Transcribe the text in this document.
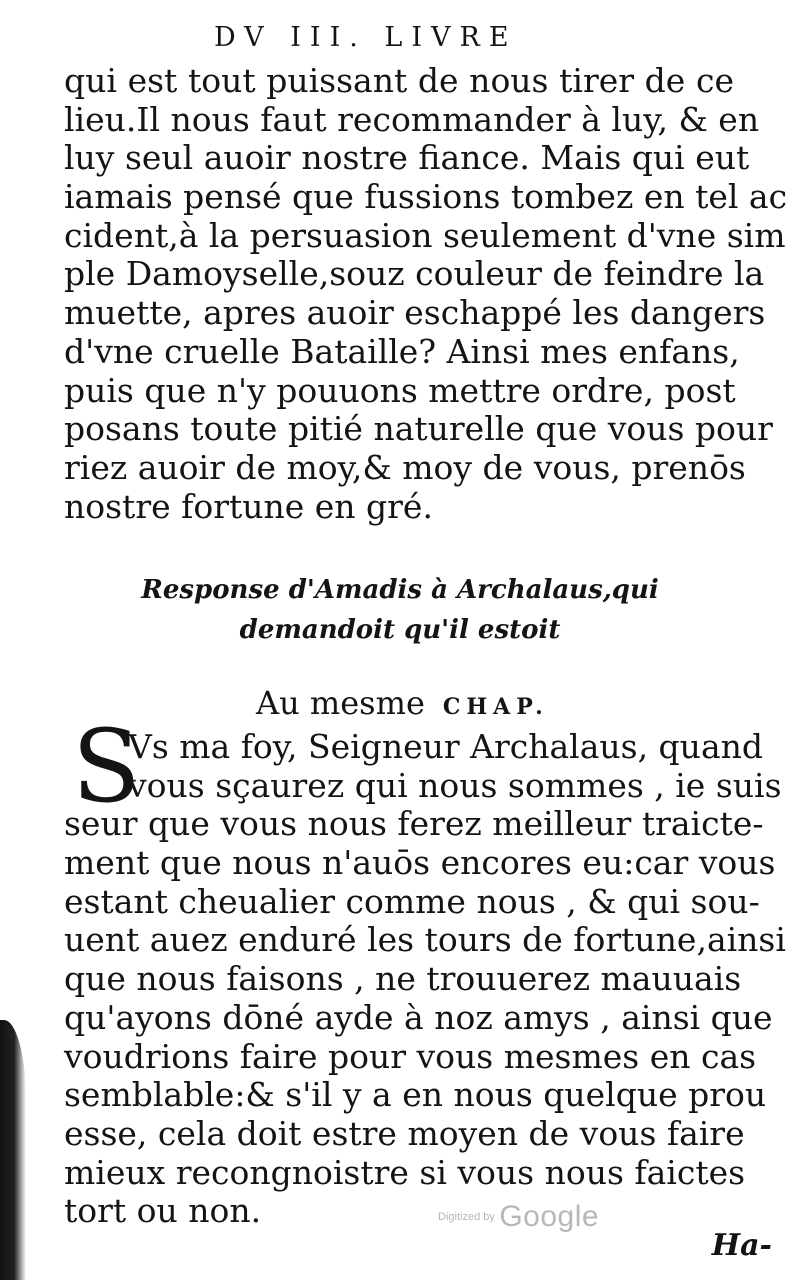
DV III. LIVRE
qui est tout puissant de nous tirer de ce
lieu.Il nous faut recommander à luy, & en
luy seul auoir nostre fiance. Mais qui eut
iamais pensé que fussions tombez en tel ac
cident,à la persuasion seulement d'vne sim
ple Damoyselle,souz couleur de feindre la
muette, apres auoir eschappé les dangers
d'vne cruelle Bataille? Ainsi mes enfans,
puis que n'y pouuons mettre ordre, post
posans toute pitié naturelle que vous pour
riez auoir de moy,& moy de vous, prenōs
nostre fortune en gré.
Response d'Amadis à Archalaus,qui
demandoit qu'il estoit
Au mesme CHAP.
S
Vs ma foy, Seigneur Archalaus, quand
vous sçaurez qui nous sommes , ie suis
seur que vous nous ferez meilleur traicte-
ment que nous n'auōs encores eu:car vous
estant cheualier comme nous , & qui sou-
uent auez enduré les tours de fortune,ainsi
que nous faisons , ne trouuerez mauuais
qu'ayons dōné ayde à noz amys , ainsi que
voudrions faire pour vous mesmes en cas
semblable:& s'il y a en nous quelque prou
esse, cela doit estre moyen de vous faire
mieux recongnoistre si vous nous faictes
tort ou non.	Digitized by Google
Ha-
